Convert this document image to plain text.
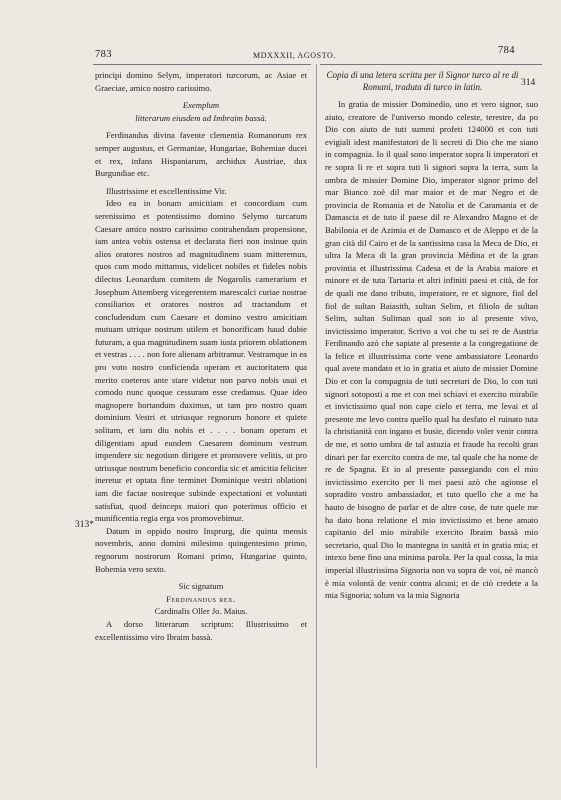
783	MDXXXII, AGOSTO.	784
313*
314

principi domino Selym, imperatori turcorum, ac Asiae et Graeciae, amico nostro carissimo.

Exemplum

litterarum eiusdem ad Imbraim bassà.

Ferdinandus divina favente clementia Romanorum rex semper augustus, et Germaniae, Hungariae, Bohemiae ducei et rex, infans Hispaniarum, archidux Austriae, dux Burgundiae etc.

Illustrissime et excellentissime Vir.

Ideo ea in bonam amicitiam et concordiam cum serenissimo et potentissimo domino Selymo turcarum Caesare amico nostro carissimo contrahendam propensione, iam antea vobis ostensa et declarata fieri non insinue quin alios oratores nostros ad magnitudinem suam mitteremus, quos cum modo mittamus, videlicet nobiles et fideles nobis dilectos Leonardum comitem de Nogarolis camerarium et Josephum Attemberg vicegerentem marescalci curiae nostrae consiliarios et oratores nostros ad tractandum et concludendum cum Caesare et domino vestro amicitiam mutuam utrique nostrum utilem et honorificam haud dubie futuram, a qua magnitudinem suam iusta priorem oblationem et vestras . . . . non fore alienam arbitramur. Vestramque in ea pro voto nostro conficienda operam et auctoritatem qua merito coeteros ante stare videtur non parvo nobis usui et comodo nunc quoque cessuram esse credamus. Quae ideo magnopere hortandum duximus, ut tam pro nostro quam dominium Vestri et utriusque regnorum honore et quiete solitam, et iam diu nobis et . . . . bonam operam et diligentiam apud eundem Caesarem dominum vestrum impendere sic negotium dirigere et promovere velitis, ut pro utriusque nostrum beneficio concordia sic et amicitia feliciter ineretur et optata fine terminet Dominique vestri oblationi iam die factae nostreque subinde expectationi et voluntati satisfiat, quod deinceps maiori quo poterimus officio et munificentia regia erga vos promovebimur.

Datum in oppido nostro Insprurg, die quinta mensis novembris, anno domini milesimo quingentesimo primo, regnorum nostrorum Romani primo, Hungariae quinto, Bohemia vero sexto.

Sic signatum

Ferdinandus rex.

Cardinalis Oller Jo. Maius.

A dorso litterarum scriptum: Illustrissimo et excellentissimo viro Ibraim bassà.

Copia di una letera scritta per il Signor turco al re di Romani, traduta di turco in latin.

In gratia de missier Dominedio, uno et vero signor, suo aiuto, creatore de l'universo mondo celeste, terestre, da po Dio con aiuto de tuti summi profeti 124000 et con tuti evigiali idest manifestatori de li secreti di Dio che me siano in compagnia. Io il qual sono imperator sopra li imperatori et re sopra li re et sopra tuti li signori sopra la terra, sum la umbra de missier Domine Dio, imperator signor primo del mar Bianco zoè dil mar maior et de mar Negro et de provincia de Romania et de Natolia et de Caramania et de Damascia et de tuto il paese dil re Alexandro Magno et de Babilonia et de Azimia et de Damasco et de Aleppo et de la gran cità dil Cairo et de la santissima casa la Meca de Dio, et ultra la Meca di la gran provincia Mèdina et de la gran provintia et illustrissima Cadesa et de la Arabia maiore et minore et de tuta Tartaria et altri infiniti paesi et cità, de for de quali me dano tributo, imperatore, re et signore, fiol del fiol de sultan Baiasith, sultan Selim, et filiolo de sultan Selim, sultan Suliman qual son io al presente vivo, invictissimo imperator. Scrivo a voi che tu sei re de Austria Ferdinando azò che sapiate al presente a la congregatione de la felice et illustrissima corte vene ambassiatore Leonardo qual avete mandato et io in gratia et aiuto de missier Domine Dio et con la compagnia de tuti secretari de Dio, lo con tuti signori sotoposti a me et con mei schiavi et exercito mirabile et invictissimo qual non cape cielo et terra, me levai et al presente me levo contra quello qual ha desfato el ruinato tuta la christianità con ingano et busie, dicendo voler venir contra de me, et sotto umbra de tal astuzia et fraude ha recolti gran dinari per far exercito contra de me, tal quale che ha nome de re de Spagna. Et io al presente passegiando con el mio invictissimo exercito per li mei paesi azò che agionse el sopradito vostro ambassiador, et tuto quello che a me ha hauto de bisogno de parlar et de altre cose, de tute quele me ha dato bona relatione el mio invictissimo et bene amato capitanio del mio mirabile exercito Ibraim bassà mio secretario, qual Dio lo mantegna in sanità et in gratia mia; et intexo bene fino una minima parola. Per la qual cossa, la mia imperial illustrissima Signoria non va sopra de voi, nè mancò è mia volontà de venir contra alcuni; et de ciò credete a la mia Signoria; solum va la mia Signoria
